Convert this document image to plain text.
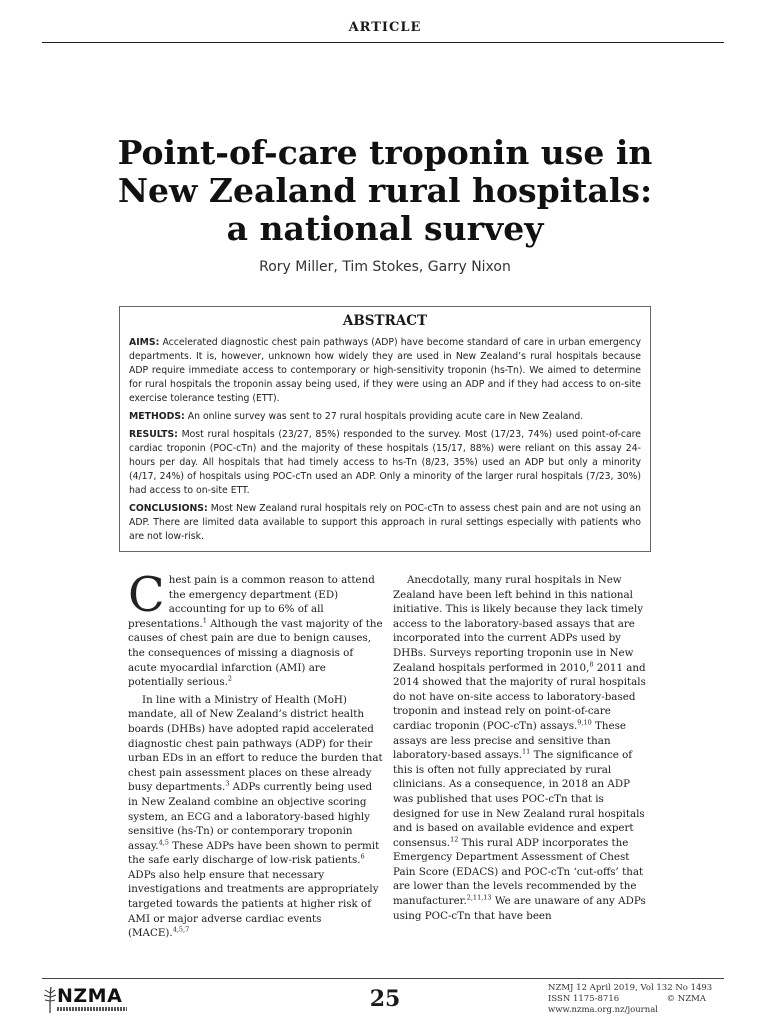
ARTICLE
Point-of-care troponin use in
New Zealand rural hospitals:
a national survey
Rory Miller, Tim Stokes, Garry Nixon
ABSTRACT

AIMS: Accelerated diagnostic chest pain pathways (ADP) have become standard of care in urban emergency departments. It is, however, unknown how widely they are used in New Zealand’s rural hospitals because ADP require immediate access to contemporary or high-sensitivity troponin (hs-Tn). We aimed to determine for rural hospitals the troponin assay being used, if they were using an ADP and if they had access to on-site exercise tolerance testing (ETT).

METHODS: An online survey was sent to 27 rural hospitals providing acute care in New Zealand.

RESULTS: Most rural hospitals (23/27, 85%) responded to the survey. Most (17/23, 74%) used point-of-care cardiac troponin (POC-cTn) and the majority of these hospitals (15/17, 88%) were reliant on this assay 24-hours per day. All hospitals that had timely access to hs-Tn (8/23, 35%) used an ADP but only a minority (4/17, 24%) of hospitals using POC-cTn used an ADP. Only a minority of the larger rural hospitals (7/23, 30%) had access to on-site ETT.

CONCLUSIONS: Most New Zealand rural hospitals rely on POC-cTn to assess chest pain and are not using an ADP. There are limited data available to support this approach in rural settings especially with patients who are not low-risk.

Chest pain is a common reason to attend the emergency department (ED) accounting for up to 6% of all presentations.$^1$ Although the vast majority of the causes of chest pain are due to benign causes, the consequences of missing a diagnosis of acute myocardial infarction (AMI) are potentially serious.$^2$

In line with a Ministry of Health (MoH) mandate, all of New Zealand’s district health boards (DHBs) have adopted rapid accelerated diagnostic chest pain pathways (ADP) for their urban EDs in an effort to reduce the burden that chest pain assessment places on these already busy departments.$^3$ ADPs currently being used in New Zealand combine an objective scoring system, an ECG and a laboratory-based highly sensitive (hs-Tn) or contemporary troponin assay.$^{4,5}$ These ADPs have been shown to permit the safe early discharge of low-risk patients.$^6$ ADPs also help ensure that necessary investigations and treatments are appropriately targeted towards the patients at higher risk of AMI or major adverse cardiac events (MACE).$^{4,5,7}$

Anecdotally, many rural hospitals in New Zealand have been left behind in this national initiative. This is likely because they lack timely access to the laboratory-based assays that are incorporated into the current ADPs used by DHBs. Surveys reporting troponin use in New Zealand hospitals performed in 2010,$^8$ 2011 and 2014 showed that the majority of rural hospitals do not have on-site access to laboratory-based troponin and instead rely on point-of-care cardiac troponin (POC-cTn) assays.$^{9,10}$ These assays are less precise and sensitive than laboratory-based assays.$^{11}$ The significance of this is often not fully appreciated by rural clinicians. As a consequence, in 2018 an ADP was published that uses POC-cTn that is designed for use in New Zealand rural hospitals and is based on available evidence and expert consensus.$^{12}$ This rural ADP incorporates the Emergency Department Assessment of Chest Pain Score (EDACS) and POC-cTn ‘cut-offs’ that are lower than the levels recommended by the manufacturer.$^{2,11,13}$ We are unaware of any ADPs using POC-cTn that have been

NZMA	25	NZMJ 12 April 2019, Vol 132 No 1493
ISSN 1175-8716	© NZMA
www.nzma.org.nz/journal
